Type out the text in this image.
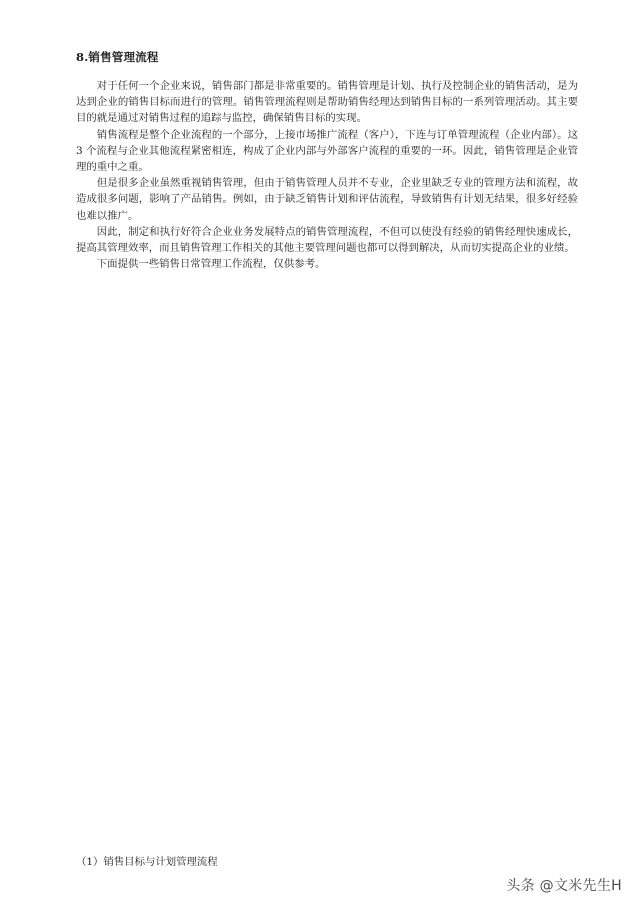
8.销售管理流程

对于任何一个企业来说，销售部门都是非常重要的。销售管理是计划、执行及控制企业的销售活动，是为达到企业的销售目标而进行的管理。销售管理流程则是帮助销售经理达到销售目标的一系列管理活动。其主要目的就是通过对销售过程的追踪与监控，确保销售目标的实现。

销售流程是整个企业流程的一个部分，上接市场推广流程（客户），下连与订单管理流程（企业内部）。这 3 个流程与企业其他流程紧密相连，构成了企业内部与外部客户流程的重要的一环。因此，销售管理是企业管理的重中之重。

但是很多企业虽然重视销售管理，但由于销售管理人员并不专业，企业里缺乏专业的管理方法和流程，故造成很多问题，影响了产品销售。例如，由于缺乏销售计划和评估流程，导致销售有计划无结果，很多好经验也难以推广。

因此，制定和执行好符合企业业务发展特点的销售管理流程，不但可以使没有经验的销售经理快速成长，提高其管理效率，而且销售管理工作相关的其他主要管理问题也都可以得到解决，从而切实提高企业的业绩。

下面提供一些销售日常管理工作流程，仅供参考。

（1）销售目标与计划管理流程
头条 @文米先生H
